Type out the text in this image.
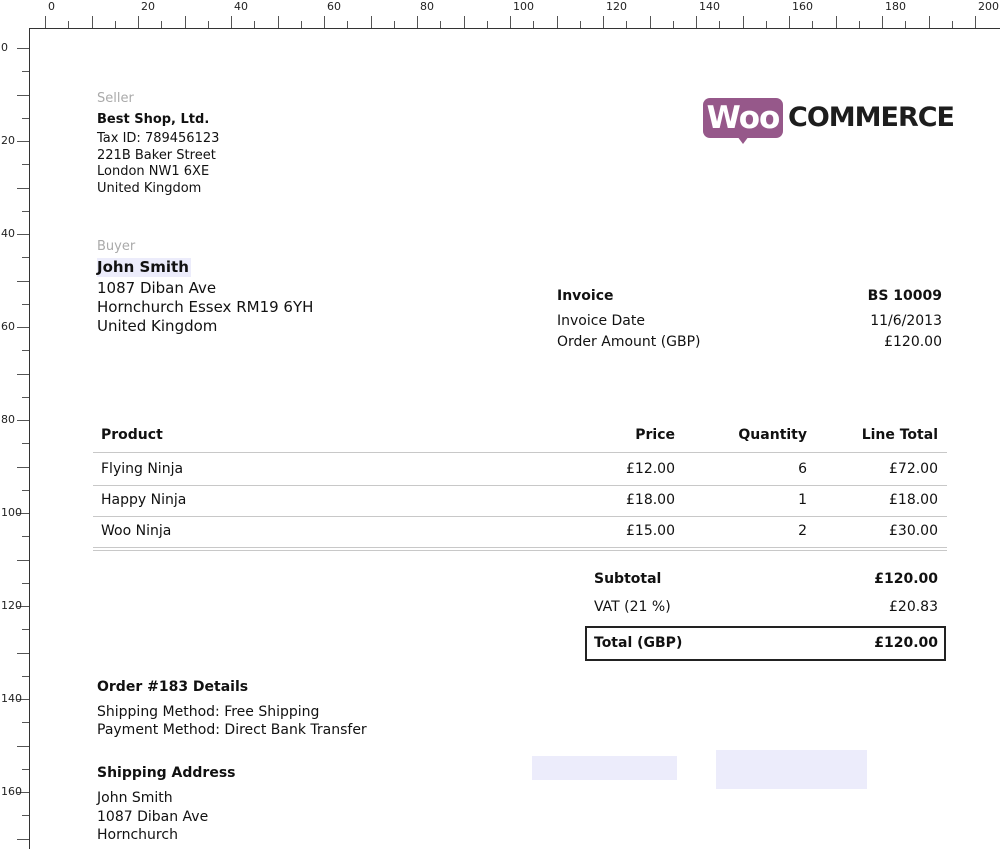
0	20	40	60	80	100	120	140	160	180	200
0
20
40
60
80
100
120
140
160
Seller
Best Shop, Ltd.
Tax ID: 789456123
221B Baker Street
London NW1 6XE
United Kingdom
Woo COMMERCE
Buyer
John Smith
1087 Diban Ave
Hornchurch Essex RM19 6YH
United Kingdom
Invoice	BS 10009
Invoice Date	11/6/2013
Order Amount (GBP)	£120.00
Product	Price	Quantity	Line Total
Flying Ninja	£12.00	6	£72.00
Happy Ninja	£18.00	1	£18.00
Woo Ninja	£15.00	2	£30.00
Subtotal	£120.00
VAT (21 %)	£20.83
Total (GBP)	£120.00
Order #183 Details
Shipping Method: Free Shipping
Payment Method: Direct Bank Transfer
Shipping Address
John Smith
1087 Diban Ave
Hornchurch
